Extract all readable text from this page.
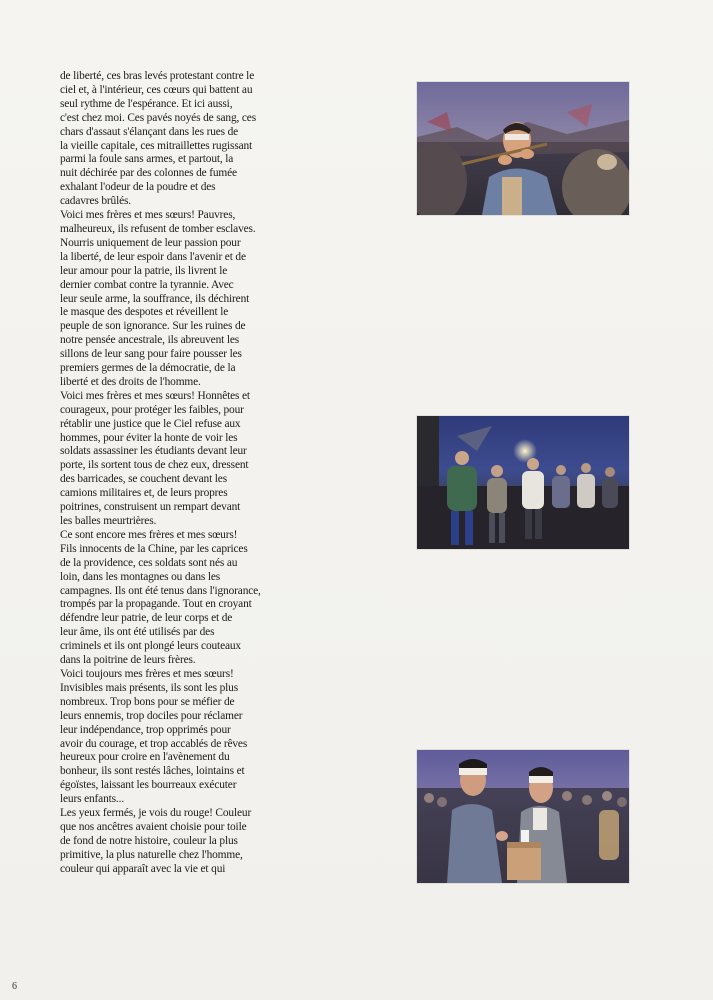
de liberté, ces bras levés protestant contre le
ciel et, à l'intérieur, ces cœurs qui battent au
seul rythme de l'espérance. Et ici aussi,
c'est chez moi. Ces pavés noyés de sang, ces
chars d'assaut s'élançant dans les rues de
la vieille capitale, ces mitraillettes rugissant
parmi la foule sans armes, et partout, la
nuit déchirée par des colonnes de fumée
exhalant l'odeur de la poudre et des
cadavres brûlés.
Voici mes frères et mes sœurs! Pauvres,
malheureux, ils refusent de tomber esclaves.
Nourris uniquement de leur passion pour
la liberté, de leur espoir dans l'avenir et de
leur amour pour la patrie, ils livrent le
dernier combat contre la tyrannie. Avec
leur seule arme, la souffrance, ils déchirent
le masque des despotes et réveillent le
peuple de son ignorance. Sur les ruines de
notre pensée ancestrale, ils abreuvent les
sillons de leur sang pour faire pousser les
premiers germes de la démocratie, de la
liberté et des droits de l'homme.
Voici mes frères et mes sœurs! Honnêtes et
courageux, pour protéger les faibles, pour
rétablir une justice que le Ciel refuse aux
hommes, pour éviter la honte de voir les
soldats assassiner les étudiants devant leur
porte, ils sortent tous de chez eux, dressent
des barricades, se couchent devant les
camions militaires et, de leurs propres
poitrines, construisent un rempart devant
les balles meurtrières.
Ce sont encore mes frères et mes sœurs!
Fils innocents de la Chine, par les caprices
de la providence, ces soldats sont nés au
loin, dans les montagnes ou dans les
campagnes. Ils ont été tenus dans l'ignorance,
trompés par la propagande. Tout en croyant
défendre leur patrie, de leur corps et de
leur âme, ils ont été utilisés par des
criminels et ils ont plongé leurs couteaux
dans la poitrine de leurs frères.
Voici toujours mes frères et mes sœurs!
Invisibles mais présents, ils sont les plus
nombreux. Trop bons pour se méfier de
leurs ennemis, trop dociles pour réclamer
leur indépendance, trop opprimés pour
avoir du courage, et trop accablés de rêves
heureux pour croire en l'avènement du
bonheur, ils sont restés lâches, lointains et
égoïstes, laissant les bourreaux exécuter
leurs enfants...
Les yeux fermés, je vois du rouge! Couleur
que nos ancêtres avaient choisie pour toile
de fond de notre histoire, couleur la plus
primitive, la plus naturelle chez l'homme,
couleur qui apparaît avec la vie et qui
6
